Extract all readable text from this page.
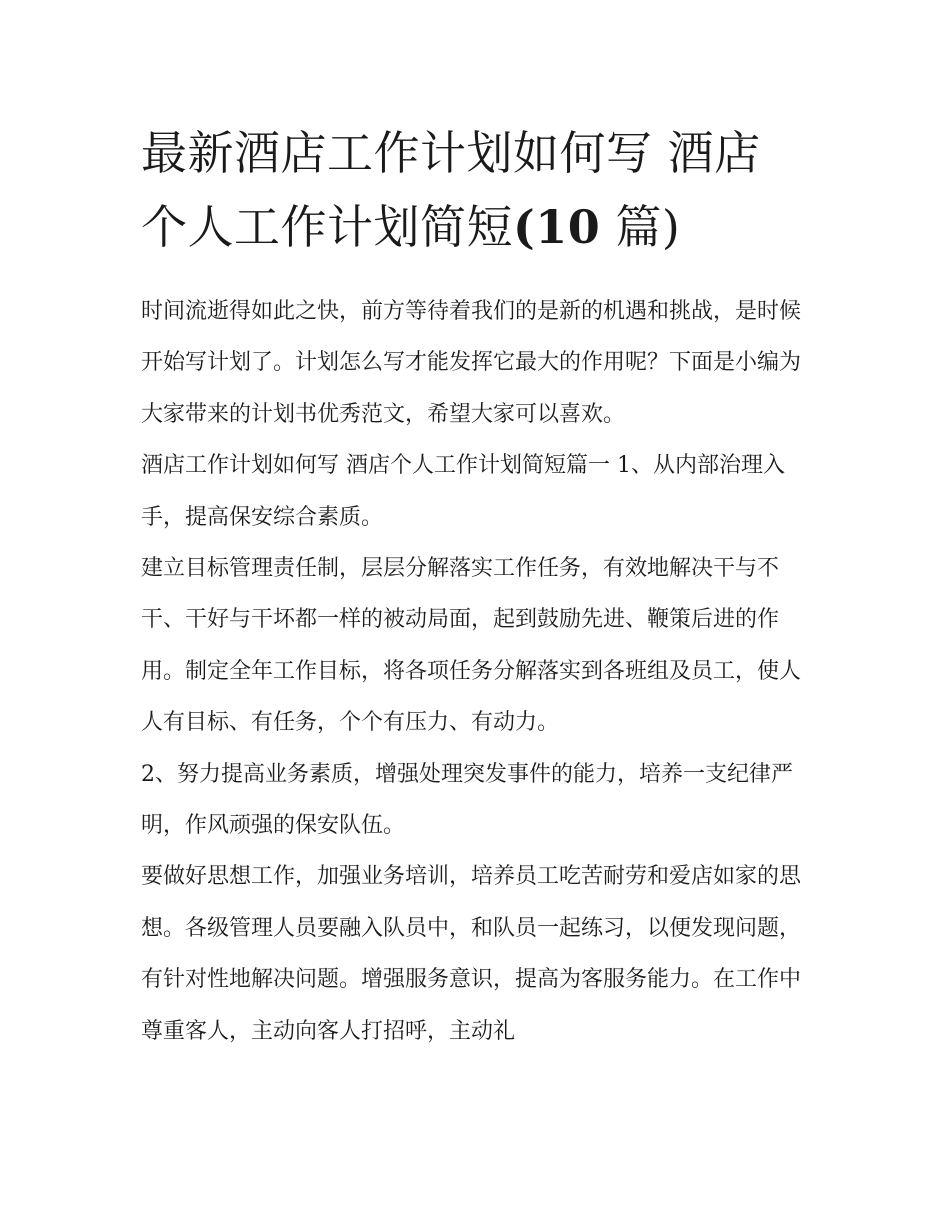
最新酒店工作计划如何写 酒店
个人工作计划简短(10 篇)

时间流逝得如此之快，前方等待着我们的是新的机遇和挑战，是时候开始写计划了。计划怎么写才能发挥它最大的作用呢？下面是小编为大家带来的计划书优秀范文，希望大家可以喜欢。

酒店工作计划如何写 酒店个人工作计划简短篇一 1、从内部治理入手，提高保安综合素质。

建立目标管理责任制，层层分解落实工作任务，有效地解决干与不干、干好与干坏都一样的被动局面，起到鼓励先进、鞭策后进的作用。制定全年工作目标，将各项任务分解落实到各班组及员工，使人人有目标、有任务，个个有压力、有动力。

2、努力提高业务素质，增强处理突发事件的能力，培养一支纪律严明，作风顽强的保安队伍。

要做好思想工作，加强业务培训，培养员工吃苦耐劳和爱店如家的思想。各级管理人员要融入队员中，和队员一起练习，以便发现问题，有针对性地解决问题。增强服务意识，提高为客服务能力。在工作中尊重客人，主动向客人打招呼，主动礼
